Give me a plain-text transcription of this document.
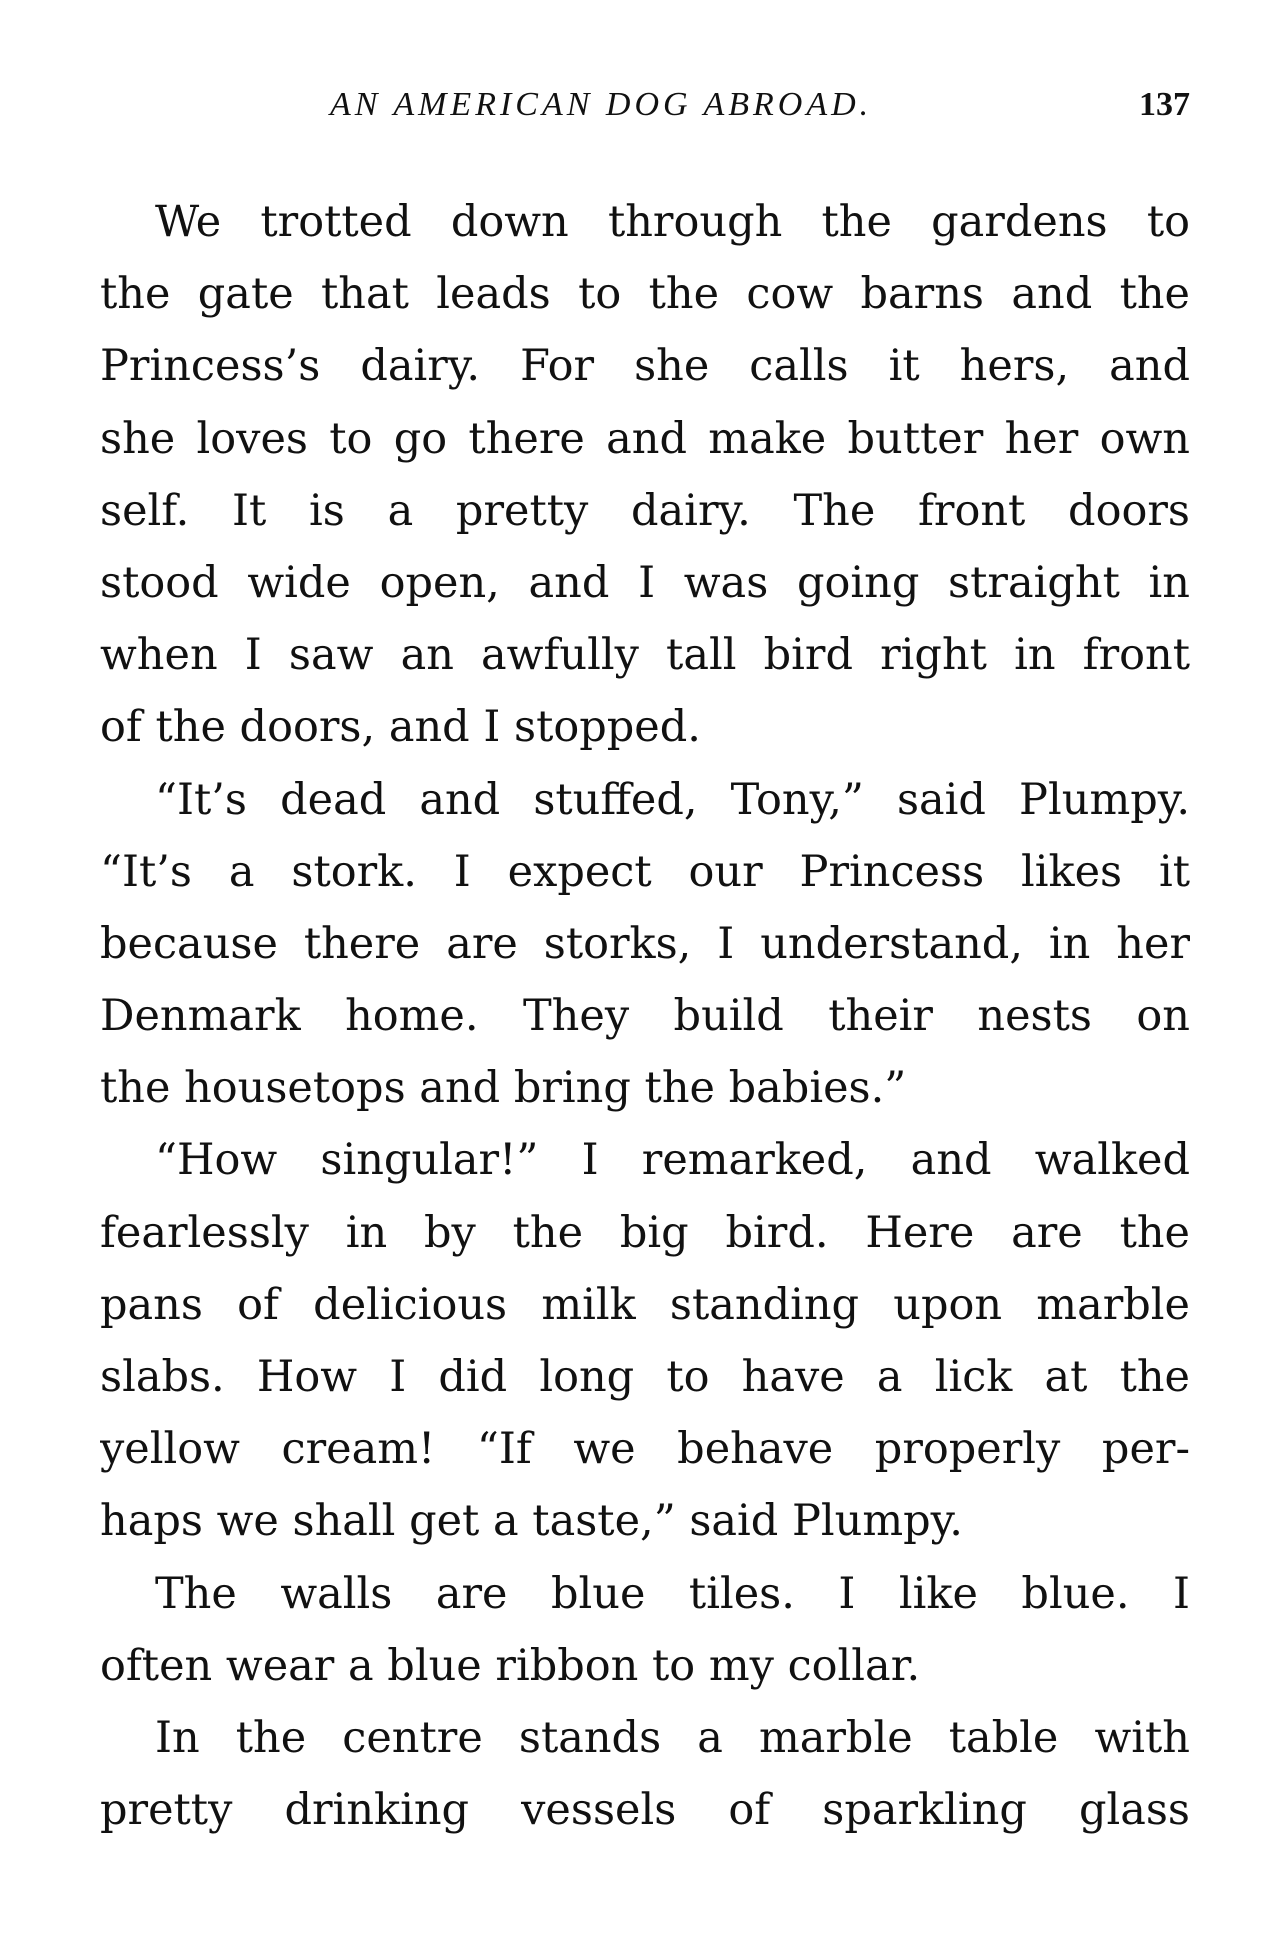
AN AMERICAN DOG ABROAD.	137
We trotted down through the gardens to
the gate that leads to the cow barns and the
Princess’s dairy. For she calls it hers, and
she loves to go there and make butter her own
self. It is a pretty dairy. The front doors
stood wide open, and I was going straight in
when I saw an awfully tall bird right in front
of the doors, and I stopped.
“It’s dead and stuffed, Tony,” said Plumpy.
“It’s a stork. I expect our Princess likes it
because there are storks, I understand, in her
Denmark home. They build their nests on
the housetops and bring the babies.”
“How singular!” I remarked, and walked
fearlessly in by the big bird. Here are the
pans of delicious milk standing upon marble
slabs. How I did long to have a lick at the
yellow cream! “If we behave properly per-
haps we shall get a taste,” said Plumpy.
The walls are blue tiles. I like blue. I
often wear a blue ribbon to my collar.
In the centre stands a marble table with
pretty drinking vessels of sparkling glass
